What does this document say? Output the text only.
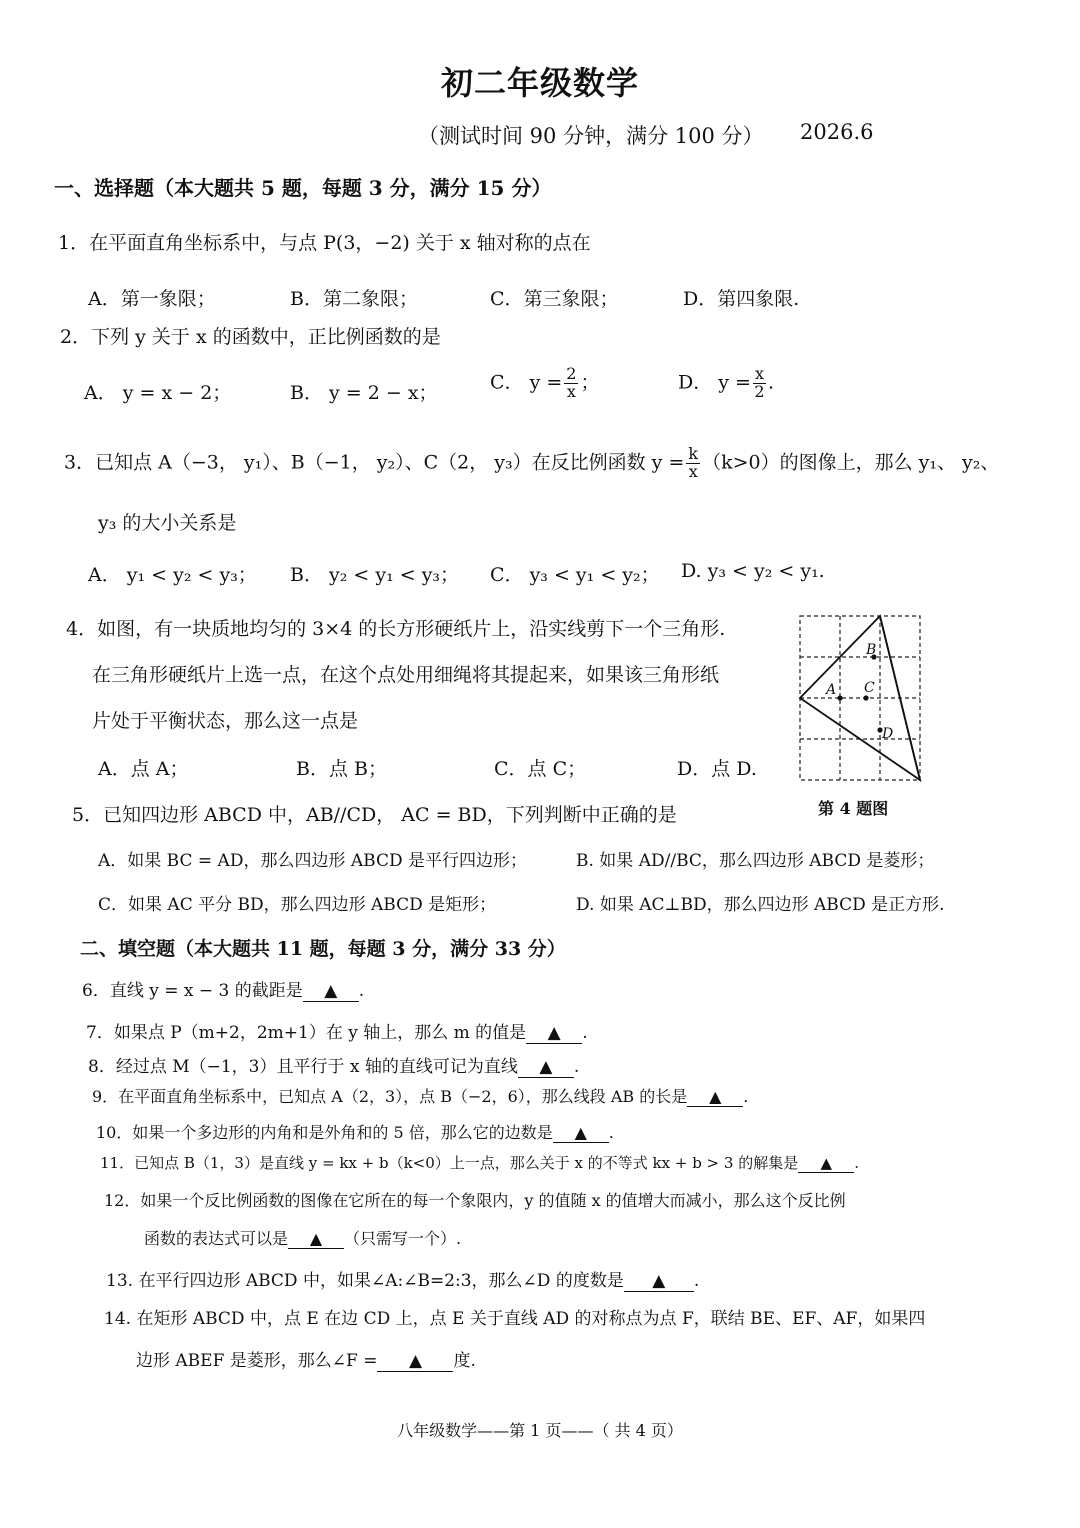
初二年级数学
（测试时间 90 分钟，满分 100 分） 2026.6
一、选择题（本大题共 5 题，每题 3 分，满分 15 分）
1．在平面直角坐标系中，与点 P(3，−2) 关于 x 轴对称的点在
A．第一象限；	B．第二象限；	C．第三象限；	D．第四象限.
2．下列 y 关于 x 的函数中，正比例函数的是
A． y = x − 2；	B． y = 2 − x；	C． $y = \frac{2}{x}$ ；	D． $y = \frac{x}{2}$ .
3．已知点 A（−3， y₁）、B（−1， y₂）、C（2， y₃）在反比例函数 $y = \frac{k}{x} (k>0)$的图像上，那么 y₁、 y₂、
y₃ 的大小关系是
A． y₁ < y₂ < y₃； B． y₂ < y₁ < y₃； C． y₃ < y₁ < y₂； D. y₃ < y₂ < y₁.
4．如图，有一块质地均匀的 3×4 的长方形硬纸片上，沿实线剪下一个三角形.
在三角形硬纸片上选一点，在这个点处用细绳将其提起来，如果该三角形纸
片处于平衡状态，那么这一点是
A．点 A；	B．点 B；	C．点 C；	D．点 D.
A
B
C
D
第 4 题图
5．已知四边形 ABCD 中，AB//CD， AC = BD，下列判断中正确的是
A．如果 BC = AD，那么四边形 ABCD 是平行四边形；	B. 如果 AD//BC，那么四边形 ABCD 是菱形；
C．如果 AC 平分 BD，那么四边形 ABCD 是矩形；	D. 如果 AC⊥BD，那么四边形 ABCD 是正方形.
二、填空题（本大题共 11 题，每题 3 分，满分 33 分）
6．直线 y = x − 3 的截距是 ▲ .
7．如果点 P（m+2，2m+1）在 y 轴上，那么 m 的值是 ▲ .
8．经过点 M（−1，3）且平行于 x 轴的直线可记为直线 ▲ .
9．在平面直角坐标系中，已知点 A（2，3），点 B（−2，6），那么线段 AB 的长是 ▲ .
10．如果一个多边形的内角和是外角和的 5 倍，那么它的边数是 ▲ .
11．已知点 B（1，3）是直线 y = kx + b（k<0）上一点，那么关于 x 的不等式 kx + b > 3 的解集是 ▲ .
12．如果一个反比例函数的图像在它所在的每一个象限内，y 的值随 x 的值增大而减小，那么这个反比例
函数的表达式可以是 ▲ （只需写一个）.
13. 在平行四边形 ABCD 中，如果∠A:∠B=2:3，那么∠D 的度数是 ▲ .
14. 在矩形 ABCD 中，点 E 在边 CD 上，点 E 关于直线 AD 的对称点为点 F，联结 BE、EF、AF，如果四
边形 ABEF 是菱形，那么∠F = ▲ 度.
八年级数学——第 1 页——（ 共 4 页）
